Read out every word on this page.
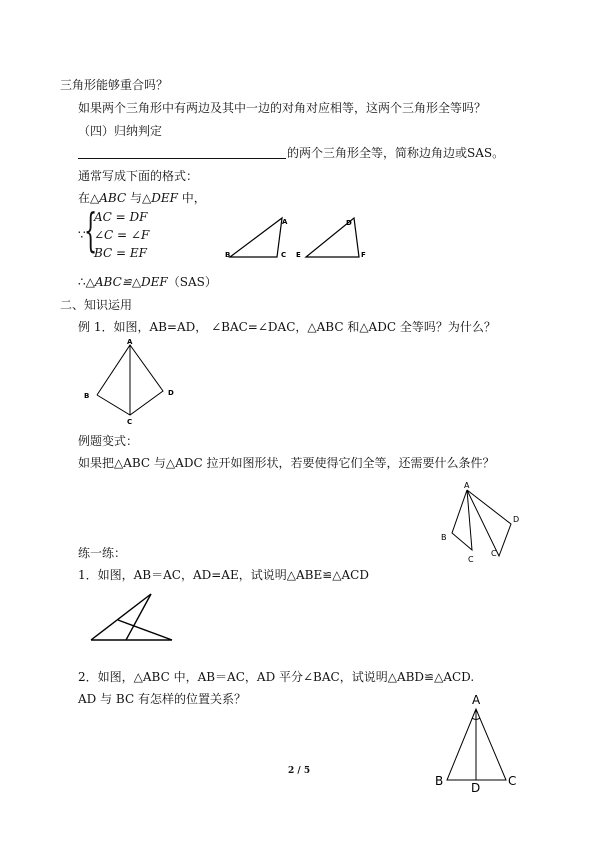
三角形能够重合吗？
如果两个三角形中有两边及其中一边的对角对应相等，这两个三角形全等吗？
（四）归纳判定
的两个三角形全等，简称边角边或SAS。
通常写成下面的格式：
在△ABC 与△DEF 中，
∵
{
AC = DF
∠C = ∠F
BC = EF
A
B	C
D
E	F
∴△ABC≌△DEF（SAS）
二、知识运用
例 1．如图，AB=AD， ∠BAC=∠DAC，△ABC 和△ADC 全等吗？为什么？
A
B
C
D
例题变式：
如果把△ABC 与△ADC 拉开如图形状，若要使得它们全等，还需要什么条件？
A
B
C
C
D
练一练：
1．如图，AB＝AC，AD=AE，试说明△ABE≌△ACD
2．如图，△ABC 中，AB＝AC，AD 平分∠BAC，试说明△ABD≌△ACD.
AD 与 BC 有怎样的位置关系？	A
B D C
2 / 5
